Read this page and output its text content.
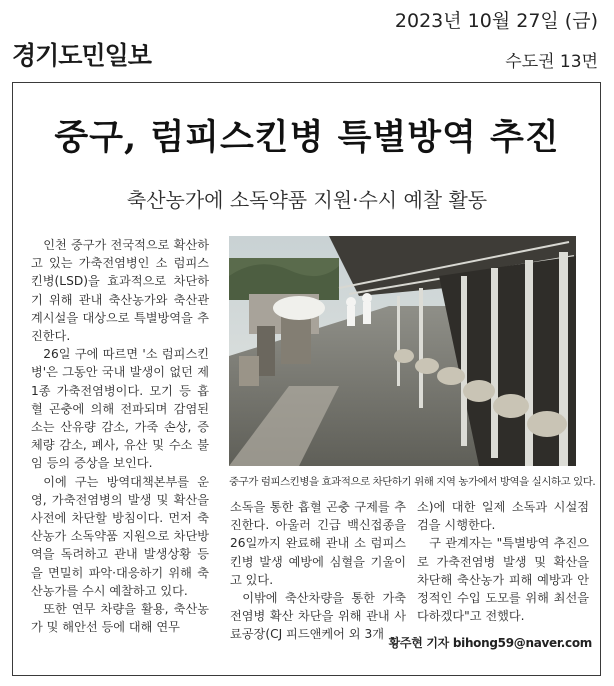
2023년 10월 27일 (금)
경기도민일보	수도권 13면
중구, 럼피스킨병 특별방역 추진
축산농가에 소독약품 지원·수시 예찰 활동

인천 중구가 전국적으로 확산하고 있는 가축전염병인 소 럼피스킨병(LSD)을 효과적으로 차단하기 위해 관내 축산농가와 축산관계시설을 대상으로 특별방역을 추진한다.

26일 구에 따르면 '소 럼피스킨병'은 그동안 국내 발생이 없던 제1종 가축전염병이다. 모기 등 흡혈 곤충에 의해 전파되며 감염된 소는 산유량 감소, 가죽 손상, 증체량 감소, 폐사, 유산 및 수소 불임 등의 증상을 보인다.

이에 구는 방역대책본부를 운영, 가축전염병의 발생 및 확산을 사전에 차단할 방침이다. 먼저 축산농가 소독약품 지원으로 차단방역을 독려하고 관내 발생상황 등을 면밀히 파악·대응하기 위해 축산농가를 수시 예찰하고 있다.

또한 연무 차량을 활용, 축산농가 및 해안선 등에 대해 연무

중구가 럼피스킨병을 효과적으로 차단하기 위해 지역 농가에서 방역을 실시하고 있다.

소독을 통한 흡혈 곤충 구제를 추진한다. 아울러 긴급 백신접종을 26일까지 완료해 관내 소 럼피스킨병 발생 예방에 심혈을 기울이고 있다.

이밖에 축산차량을 통한 가축전염병 확산 차단을 위해 관내 사료공장(CJ 피드앤케어 외 3개

소)에 대한 일제 소독과 시설점검을 시행한다.

구 관계자는 "특별방역 추진으로 가축전염병 발생 및 확산을 차단해 축산농가 피해 예방과 안정적인 수입 도모를 위해 최선을 다하겠다"고 전했다.

황주현 기자 bihong59@naver.com
